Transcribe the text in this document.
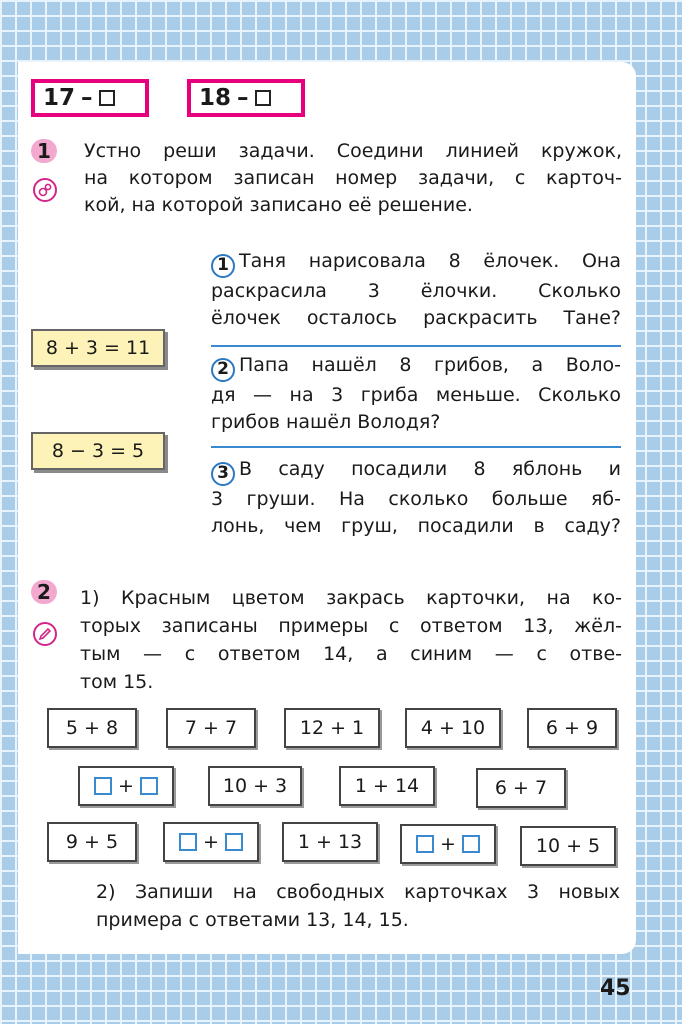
17 –	18 –
1	Устно реши задачи. Соедини линией кружок,
на котором записан номер задачи, с карточ-
кой, на которой записано её решение.
1 Таня нарисовала 8 ёлочек. Она
раскрасила 3 ёлочки. Сколько
ёлочек осталось раскрасить Тане?
2 Папа нашёл 8 грибов, а Воло-
дя — на 3 гриба меньше. Сколько
грибов нашёл Володя?
3 В саду посадили 8 яблонь и
3 груши. На сколько больше яб-
лонь, чем груш, посадили в саду?
8 + 3 = 11
8 − 3 = 5
2	1) Красным цветом закрась карточки, на ко-
торых записаны примеры с ответом 13, жёл-
тым — с ответом 14, а синим — с отве-
том 15.
5 + 8	7 + 7	12 + 1	4 + 10	6 + 9
+	10 + 3	1 + 14	6 + 7
9 + 5	+	1 + 13	+	10 + 5
2) Запиши на свободных карточках 3 новых
примера с ответами 13, 14, 15.
45
